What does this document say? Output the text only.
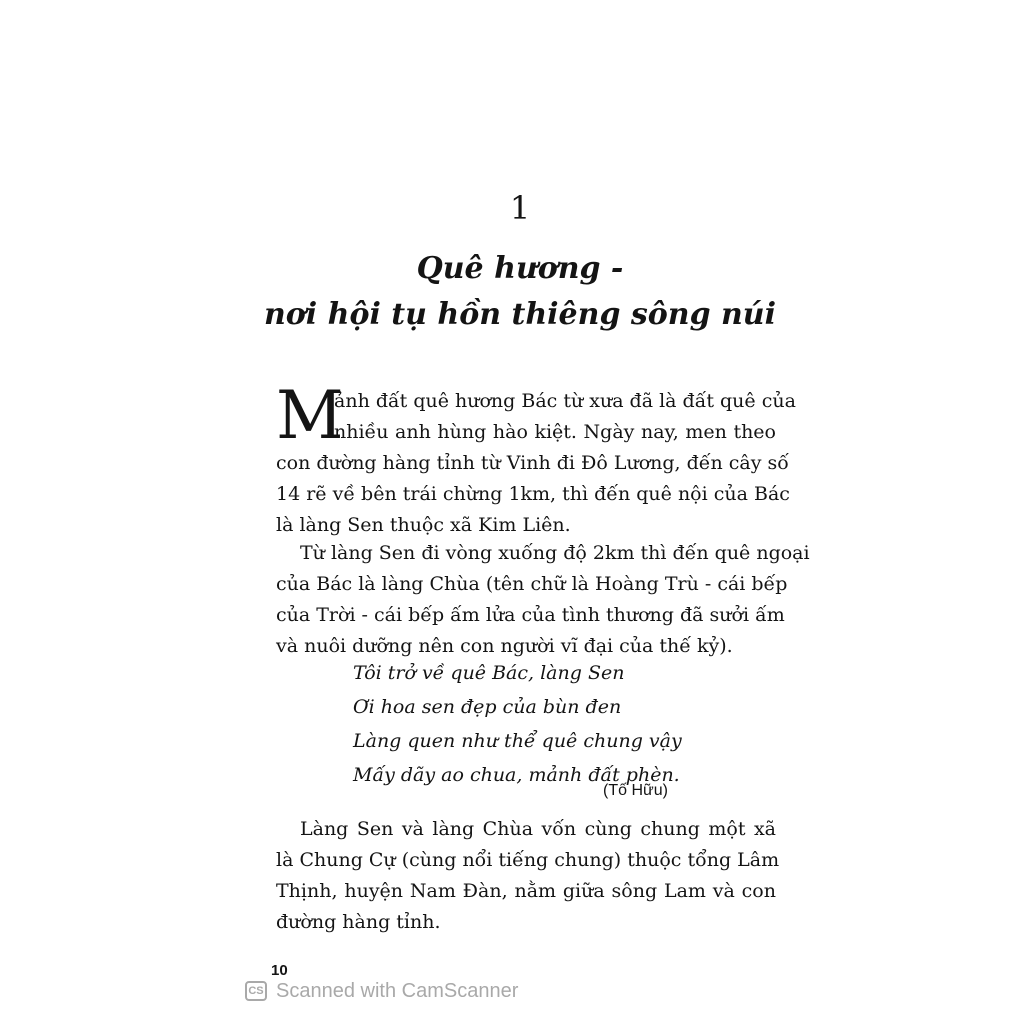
1
Quê hương -
nơi hội tụ hồn thiêng sông núi
M
ảnh đất quê hương Bác từ xưa đã là đất quê của
nhiều anh hùng hào kiệt. Ngày nay, men theo
con đường hàng tỉnh từ Vinh đi Đô Lương, đến cây số
14 rẽ về bên trái chừng 1km, thì đến quê nội của Bác
là làng Sen thuộc xã Kim Liên.
Từ làng Sen đi vòng xuống độ 2km thì đến quê ngoại
của Bác là làng Chùa (tên chữ là Hoàng Trù - cái bếp
của Trời - cái bếp ấm lửa của tình thương đã sưởi ấm
và nuôi dưỡng nên con người vĩ đại của thế kỷ).
Tôi trở về quê Bác, làng Sen
Ơi hoa sen đẹp của bùn đen
Làng quen như thể quê chung vậy
Mấy dãy ao chua, mảnh đất phèn.
(Tố Hữu)
Làng Sen và làng Chùa vốn cùng chung một xã
là Chung Cự (cùng nổi tiếng chung) thuộc tổng Lâm
Thịnh, huyện Nam Đàn, nằm giữa sông Lam và con
đường hàng tỉnh.
10
CS Scanned with CamScanner
